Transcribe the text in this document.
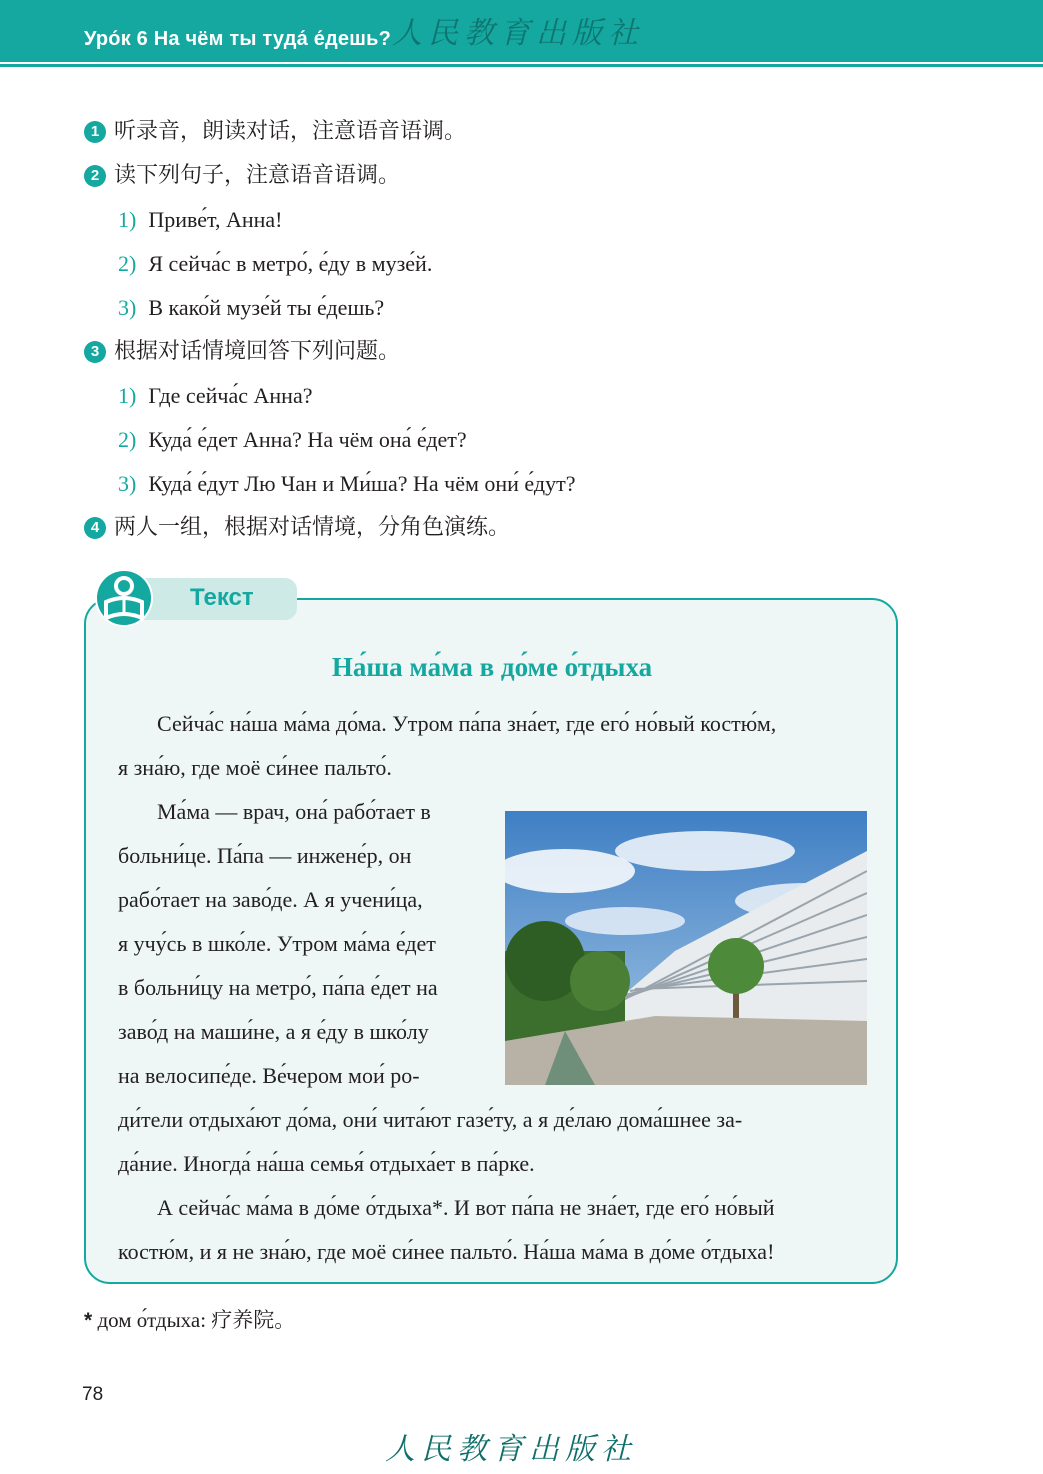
Уро́к 6 На чём ты туда́ е́дешь? 人民教育出版社
1 听录音，朗读对话，注意语音语调。
2 读下列句子，注意语音语调。
1) Приве́т, Анна!
2) Я сейча́с в метро́, е́ду в музе́й.
3) В како́й музе́й ты е́дешь?
3 根据对话情境回答下列问题。
1) Где сейча́с Анна?
2) Куда́ е́дет Анна? На чём она́ е́дет?
3) Куда́ е́дут Лю Чан и Ми́ша? На чём они́ е́дут?
4 两人一组，根据对话情境，分角色演练。
Текст
На́ша ма́ма в до́ме о́тдыха
Сейча́с на́ша ма́ма до́ма. Утром па́па зна́ет, где его́ но́вый костю́м,
я зна́ю, где моё си́нее пальто́.
Ма́ма — врач, она́ рабо́тает в
больни́це. Па́па — инжене́р, он
рабо́тает на заво́де. А я учени́ца,
я учу́сь в шко́ле. Утром ма́ма е́дет
в больни́цу на метро́, па́па е́дет на
заво́д на маши́не, а я е́ду в шко́лу
на велосипе́де. Ве́чером мои́ ро-
ди́тели отдыха́ют до́ма, они́ чита́ют газе́ту, а я де́лаю дома́шнее за-
да́ние. Иногда́ на́ша семья́ отдыха́ет в па́рке.
А сейча́с ма́ма в до́ме о́тдыха*. И вот па́па не зна́ет, где его́ но́вый
костю́м, и я не зна́ю, где моё си́нее пальто́. На́ша ма́ма в до́ме о́тдыха!
* дом о́тдыха: 疗养院。
78
人民教育出版社
